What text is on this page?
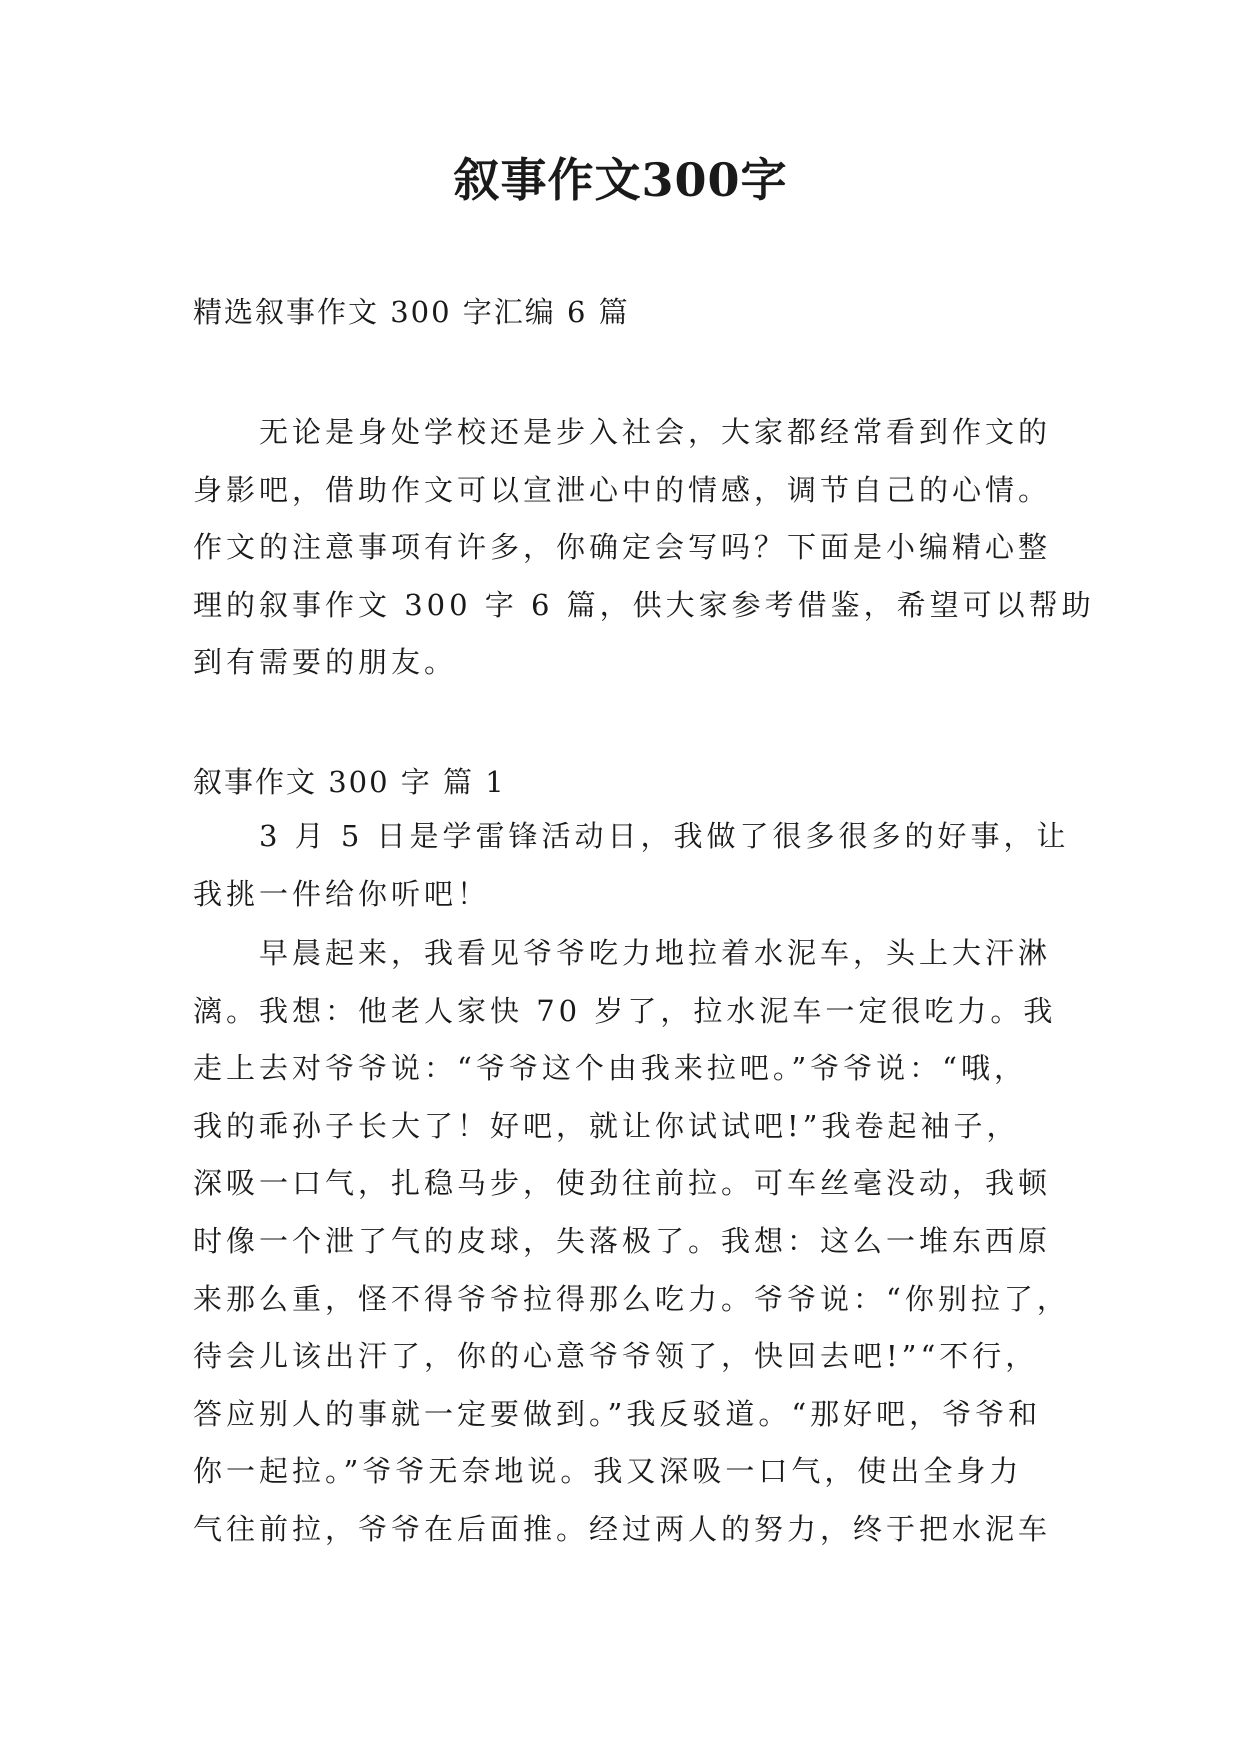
叙事作文300字
精选叙事作文 300 字汇编 6 篇
　　无论是身处学校还是步入社会，大家都经常看到作文的
身影吧，借助作文可以宣泄心中的情感，调节自己的心情。
作文的注意事项有许多，你确定会写吗？下面是小编精心整
理的叙事作文 300 字 6 篇，供大家参考借鉴，希望可以帮助
到有需要的朋友。
叙事作文 300 字 篇 1
　　3 月 5 日是学雷锋活动日，我做了很多很多的好事，让
我挑一件给你听吧！
　　早晨起来，我看见爷爷吃力地拉着水泥车，头上大汗淋
漓。我想：他老人家快 70 岁了，拉水泥车一定很吃力。我
走上去对爷爷说：“爷爷这个由我来拉吧。”爷爷说：“哦，
我的乖孙子长大了！好吧，就让你试试吧!”我卷起袖子，
深吸一口气，扎稳马步，使劲往前拉。可车丝毫没动，我顿
时像一个泄了气的皮球，失落极了。我想：这么一堆东西原
来那么重，怪不得爷爷拉得那么吃力。爷爷说：“你别拉了，
待会儿该出汗了，你的心意爷爷领了，快回去吧!”“不行，
答应别人的事就一定要做到。”我反驳道。“那好吧，爷爷和
你一起拉。”爷爷无奈地说。我又深吸一口气，使出全身力
气往前拉，爷爷在后面推。经过两人的努力，终于把水泥车
